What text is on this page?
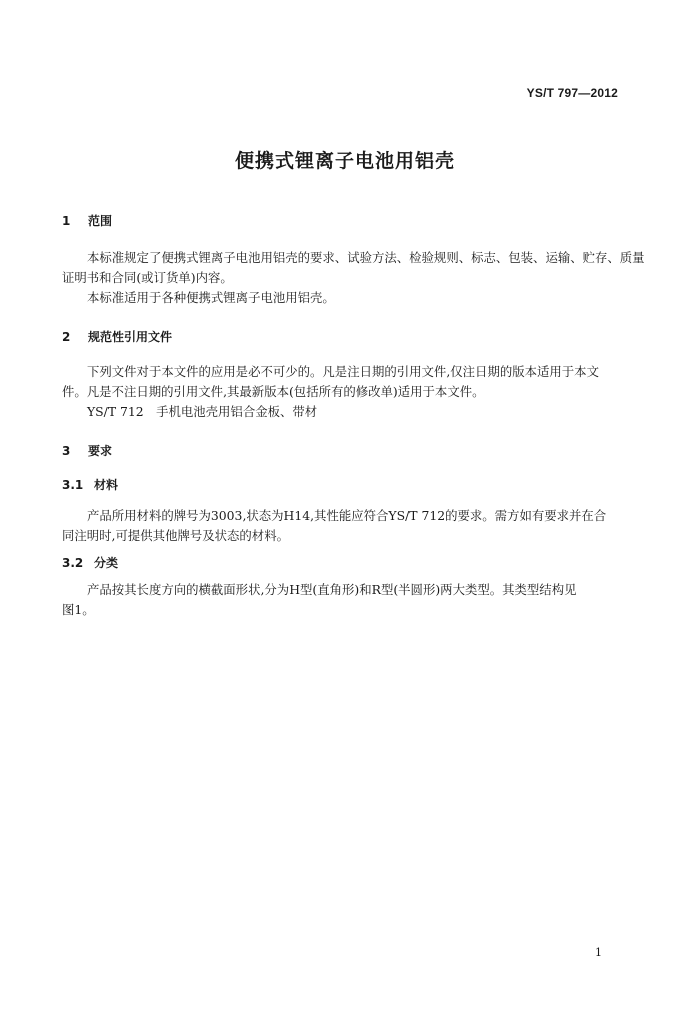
YS/T 797—2012
便携式锂离子电池用铝壳
1 范围
本标准规定了便携式锂离子电池用铝壳的要求、试验方法、检验规则、标志、包装、运输、贮存、质量
证明书和合同(或订货单)内容。
本标准适用于各种便携式锂离子电池用铝壳。
2 规范性引用文件
下列文件对于本文件的应用是必不可少的。凡是注日期的引用文件,仅注日期的版本适用于本文
件。凡是不注日期的引用文件,其最新版本(包括所有的修改单)适用于本文件。
YS/T 712　手机电池壳用铝合金板、带材
3 要求
3.1 材料
产品所用材料的牌号为3003,状态为H14,其性能应符合YS/T 712的要求。需方如有要求并在合
同注明时,可提供其他牌号及状态的材料。
3.2 分类
产品按其长度方向的横截面形状,分为H型(直角形)和R型(半圆形)两大类型。其类型结构见
图1。
1
